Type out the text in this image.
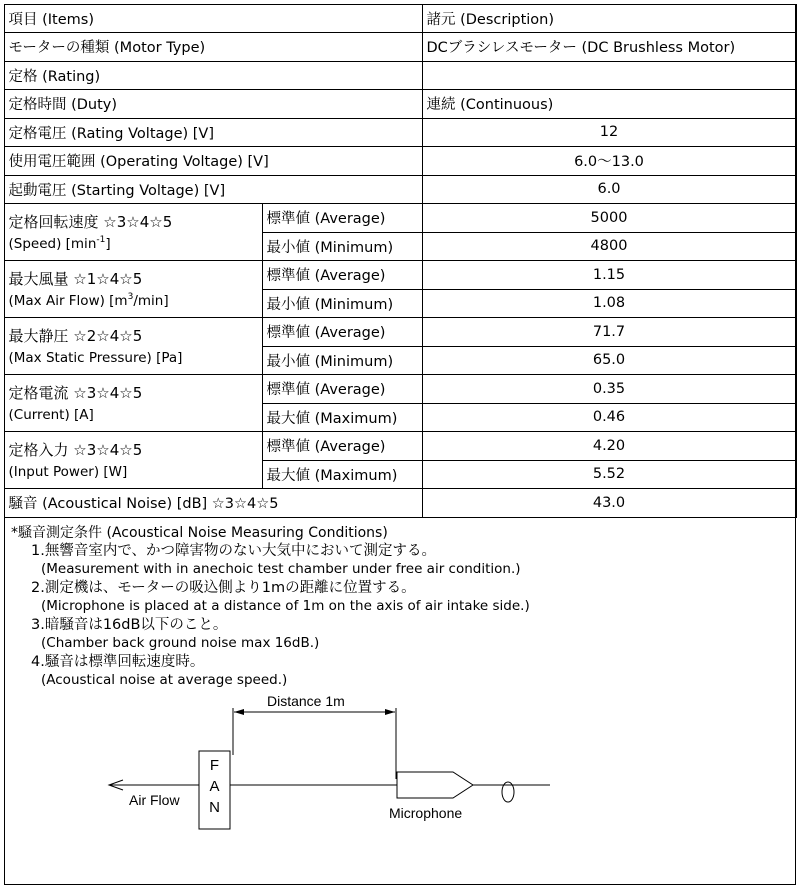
項目 (Items)		諸元 (Description)
モーターの種類 (Motor Type)		DCブラシレスモーター (DC Brushless Motor)
定格 (Rating)		
定格時間 (Duty)		連続 (Continuous)
定格電圧 (Rating Voltage) [V]		12
使用電圧範囲 (Operating Voltage) [V]		6.0～13.0
起動電圧 (Starting Voltage) [V]		6.0

定格回転速度 ☆3☆4☆5
(Speed) $[\min^{-1}]$	標準値 (Average)	5000
	最小値 (Minimum)	4800

最大風量 ☆1☆4☆5
(Max Air Flow) $[m^3/\min]$	標準値 (Average)	1.15
	最小値 (Minimum)	1.08

最大静圧 ☆2☆4☆5
(Max Static Pressure) [Pa]	標準値 (Average)	71.7
	最小値 (Minimum)	65.0

定格電流 ☆3☆4☆5
(Current) [A]	標準値 (Average)	0.35
	最大値 (Maximum)	0.46

定格入力 ☆3☆4☆5
(Input Power) [W]	標準値 (Average)	4.20
	最大値 (Maximum)	5.52
騒音 (Acoustical Noise) [dB] ☆3☆4☆5		43.0
*騒音測定条件 (Acoustical Noise Measuring Conditions)
1.無響音室内で、かつ障害物のない大気中において測定する。
(Measurement with in anechoic test chamber under free air condition.)
2.測定機は、モーターの吸込側より1mの距離に位置する。
(Microphone is placed at a distance of 1m on the axis of air intake side.)
3.暗騒音は16dB以下のこと。
(Chamber back ground noise max 16dB.)
4.騒音は標準回転速度時。
(Acoustical noise at average speed.)
Distance 1m
F
A
N
Air Flow
Microphone
